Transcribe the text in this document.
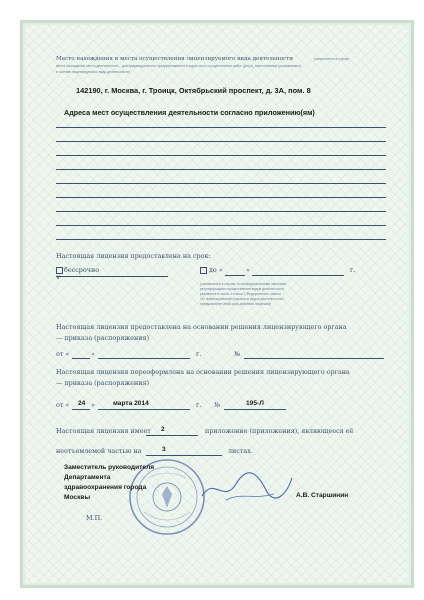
Место нахождения и места осуществления лицензируемого вида деятельности	(заполняется в случае
места нахождения места деятельности – для индивидуального предпринимателя в адрес мест осуществления работ (услуг), выполняемых (оказываемых)
в составе лицензируемого вида деятельности)
142190, г. Москва, г. Троицк, Октябрьский проспект, д. 3А, пом. 8
Адреса мест осуществления деятельности согласно приложению(ям)
Настоящая лицензия предоставлена на срок:
∨
бессрочно	до «	»	г.
(указывается в случае, если федеральными законами,
регулирующими осуществление видов деятельности,
указанных в части 4 статьи 1 Федерального закона
«О лицензировании отдельных видов деятельности»,
предусмотрен иной срок действия лицензии)
Настоящая лицензия предоставлена на основании решения лицензирующего органа
— приказа (распоряжения)
от «	»	г.	№
Настоящая лицензия переоформлена на основании решения лицензирующего органа
— приказа (распоряжения)
от « 24 »	марта 2014	г. №	195-Л
Настоящая лицензия имеет 2	приложение (приложения), являющееся её
неотъемлемой частью на	3	листах.
Заместитель руководителя
Департамента
здравоохранения города
Москвы	А.В. Старшинин
М.П.
